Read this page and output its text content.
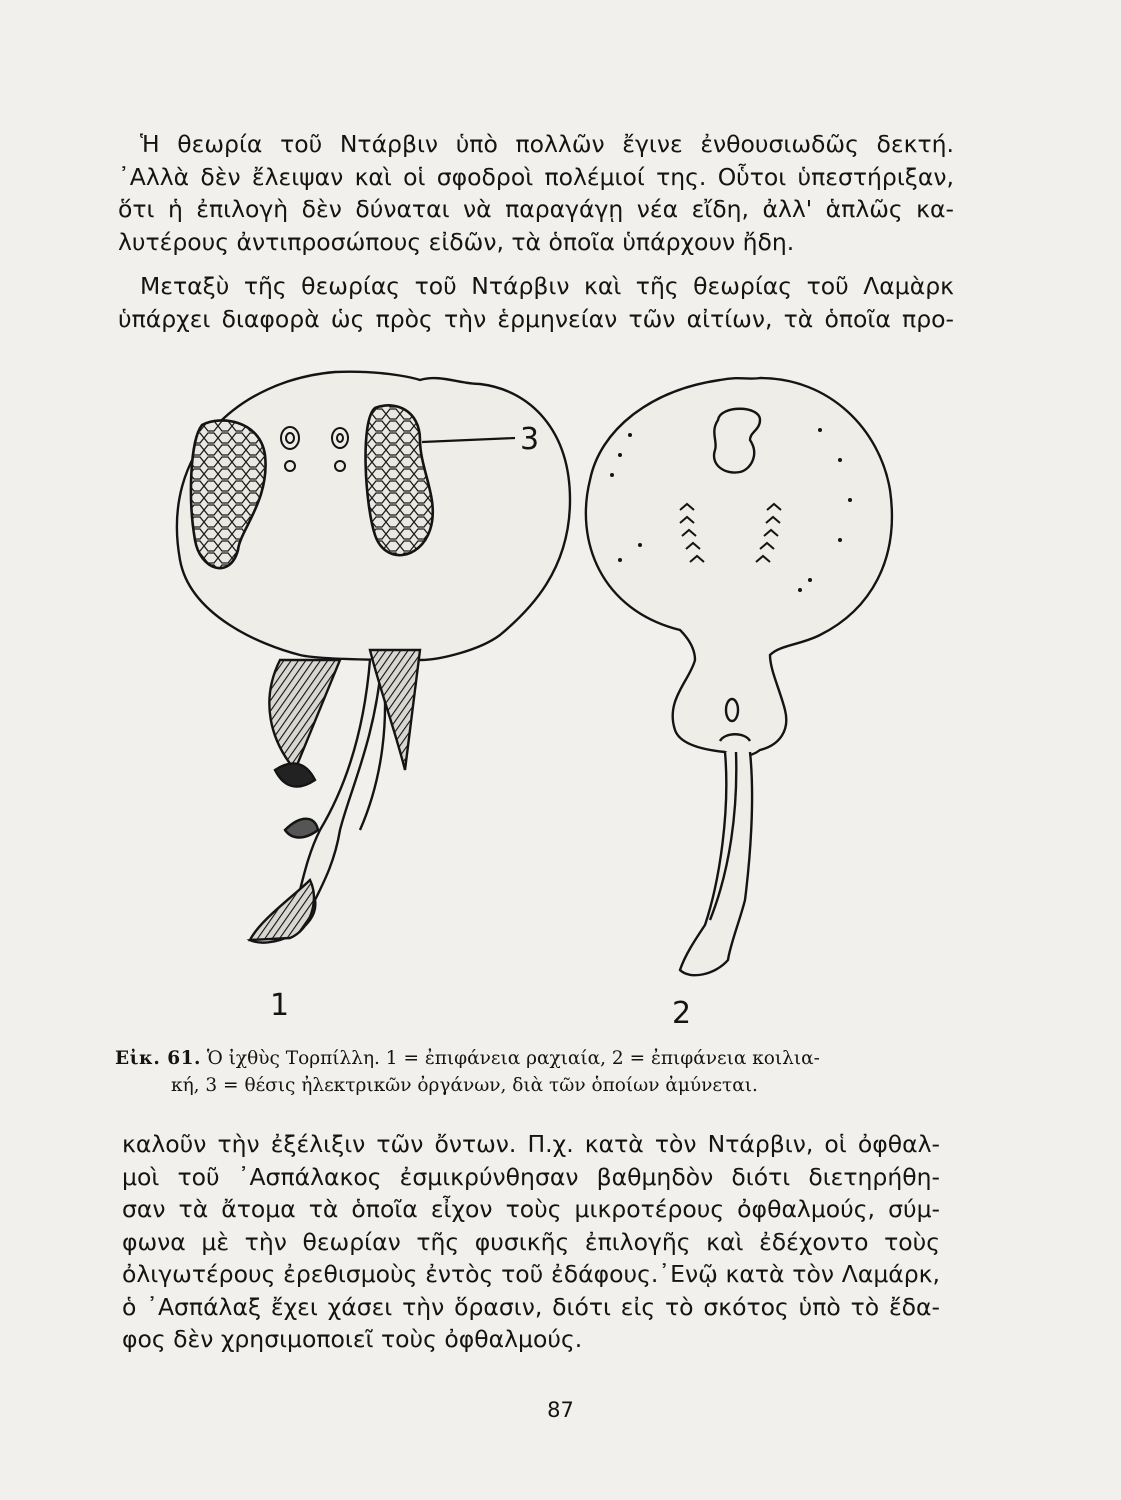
Ἡ θεωρία τοῦ Ντάρβιν ὑπὸ πολλῶν ἔγινε ἐνθουσιωδῶς δεκτή.
᾿Αλλὰ δὲν ἔλειψαν καὶ οἱ σφοδροὶ πολέμιοί της. Οὗτοι ὑπεστήριξαν,
ὅτι ἡ ἐπιλογὴ δὲν δύναται νὰ παραγάγῃ νέα εἴδη, ἀλλ' ἁπλῶς κα-
λυτέρους ἀντιπροσώπους εἰδῶν, τὰ ὁποῖα ὑπάρχουν ἤδη.
Μεταξὺ τῆς θεωρίας τοῦ Ντάρβιν καὶ τῆς θεωρίας τοῦ Λαμὰρκ
ὑπάρχει διαφορὰ ὡς πρὸς τὴν ἑρμηνείαν τῶν αἰτίων, τὰ ὁποῖα προ-
1	2
3
Εἰκ. 61. Ὁ ἰχθὺς Τορπίλλη. 1 = ἐπιφάνεια ραχιαία, 2 = ἐπιφάνεια κοιλια-
κή, 3 = θέσις ἠλεκτρικῶν ὀργάνων, διὰ τῶν ὁποίων ἀμύνεται.
καλοῦν τὴν ἐξέλιξιν τῶν ὄντων. Π.χ. κατὰ τὸν Ντάρβιν, οἱ ὀφθαλ-
μοὶ τοῦ ᾿Ασπάλακος ἐσμικρύνθησαν βαθμηδὸν διότι διετηρήθη-
σαν τὰ ἄτομα τὰ ὁποῖα εἶχον τοὺς μικροτέρους ὀφθαλμούς, σύμ-
φωνα μὲ τὴν θεωρίαν τῆς φυσικῆς ἐπιλογῆς καὶ ἐδέχοντο τοὺς
ὀλιγωτέρους ἐρεθισμοὺς ἐντὸς τοῦ ἐδάφους.᾿Ενῷ κατὰ τὸν Λαμάρκ,
ὁ ᾿Ασπάλαξ ἔχει χάσει τὴν ὅρασιν, διότι εἰς τὸ σκότος ὑπὸ τὸ ἔδα-
φος δὲν χρησιμοποιεῖ τοὺς ὀφθαλμούς.
87
